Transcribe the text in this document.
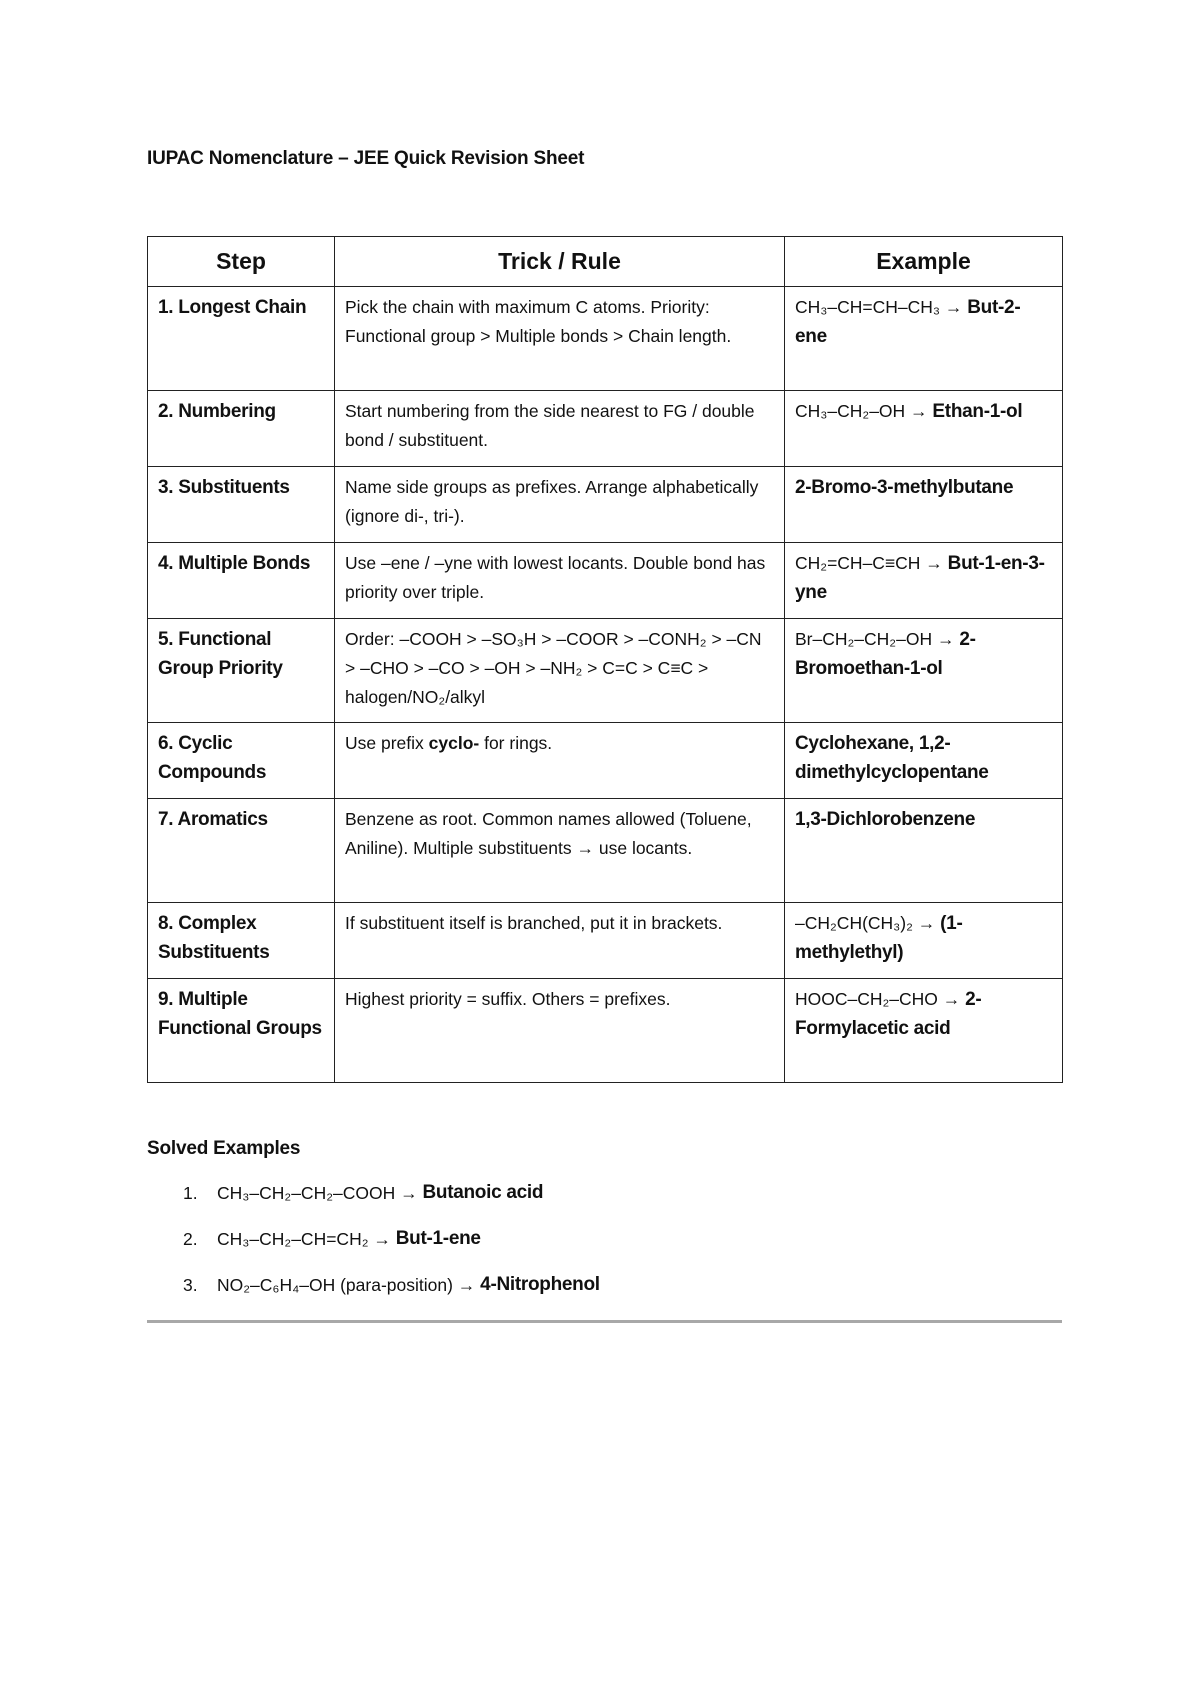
IUPAC Nomenclature – JEE Quick Revision Sheet
Step	Trick / Rule	Example
1. Longest Chain	Pick the chain with maximum C atoms. Priority: Functional group > Multiple bonds > Chain length.	CH₃–CH=CH–CH₃ → But-2-ene
2. Numbering	Start numbering from the side nearest to FG / double bond / substituent.	CH₃–CH₂–OH → Ethan-1-ol
3. Substituents	Name side groups as prefixes. Arrange alphabetically (ignore di-, tri-).	2-Bromo-3-methylbutane
4. Multiple Bonds	Use –ene / –yne with lowest locants. Double bond has priority over triple.	CH₂=CH–C≡CH → But-1-en-3-yne
5. Functional Group Priority	Order: –COOH > –SO₃H > –COOR > –CONH₂ > –CN > –CHO > –CO > –OH > –NH₂ > C=C > C≡C > halogen/NO₂/alkyl	Br–CH₂–CH₂–OH → 2-Bromoethan-1-ol
6. Cyclic Compounds	Use prefix cyclo- for rings.	Cyclohexane, 1,2-dimethylcyclopentane
7. Aromatics	Benzene as root. Common names allowed (Toluene, Aniline). Multiple substituents → use locants.	1,3-Dichlorobenzene
8. Complex Substituents	If substituent itself is branched, put it in brackets.	–CH₂CH(CH₃)₂ → (1-methylethyl)
9. Multiple Functional Groups	Highest priority = suffix. Others = prefixes.	HOOC–CH₂–CHO → 2-Formylacetic acid
Solved Examples
1.	CH₃–CH₂–CH₂–COOH →
Butanoic acid
2.	CH₃–CH₂–CH=CH₂ →
But-1-ene
3.	NO₂–C₆H₄–OH (para-position) →
4-Nitrophenol
